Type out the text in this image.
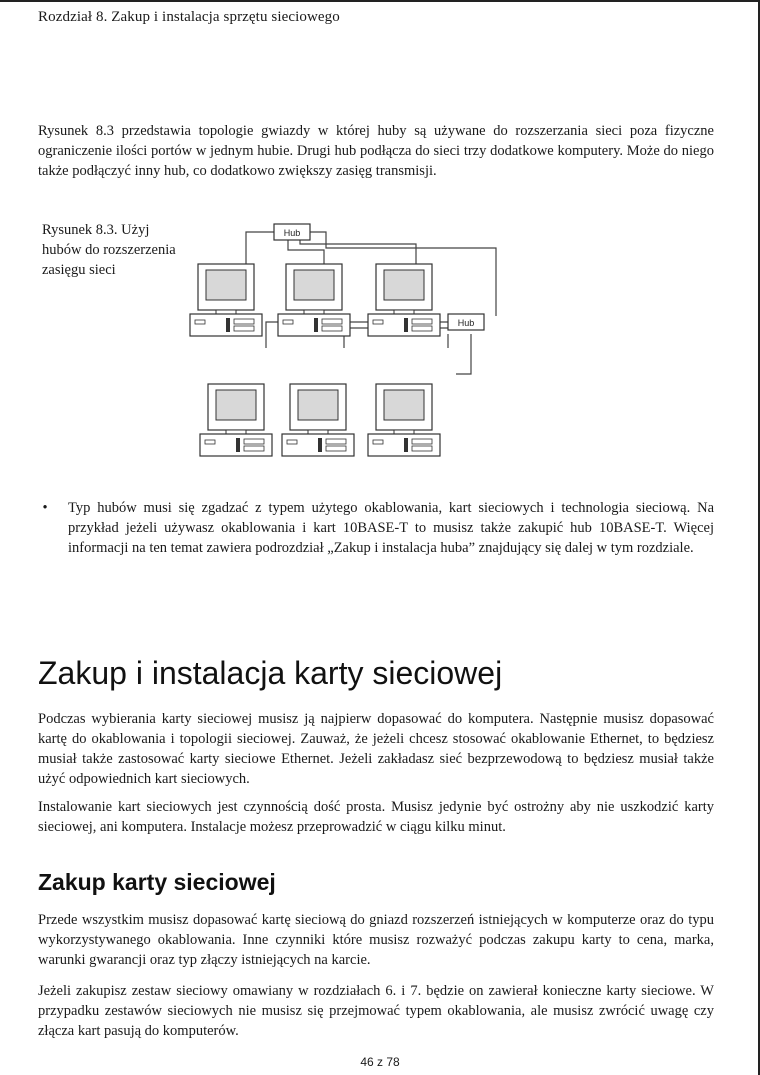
Rozdział 8. Zakup i instalacja sprzętu sieciowego

Rysunek 8.3 przedstawia topologie gwiazdy w której huby są używane do rozszerzania sieci poza fizyczne ograniczenie ilości portów w jednym hubie. Drugi hub podłącza do sieci trzy dodatkowe komputery. Może do niego także podłączyć inny hub, co dodatkowo zwiększy zasięg transmisji.

Rysunek 8.3. Użyj hubów do rozszerzenia zasięgu sieci
Hub
Hub
•	Typ hubów musi się zgadzać z typem użytego okablowania, kart sieciowych i technologia sieciową. Na przykład jeżeli używasz okablowania i kart 10BASE-T to musisz także zakupić hub 10BASE-T. Więcej informacji na ten temat zawiera podrozdział „Zakup i instalacja huba” znajdujący się dalej w tym rozdziale.
Zakup i instalacja karty sieciowej

Podczas wybierania karty sieciowej musisz ją najpierw dopasować do komputera. Następnie musisz dopasować kartę do okablowania i topologii sieciowej. Zauważ, że jeżeli chcesz stosować okablowanie Ethernet, to będziesz musiał także zastosować karty sieciowe Ethernet. Jeżeli zakładasz sieć bezprzewodową to będziesz musiał także użyć odpowiednich kart sieciowych.

Instalowanie kart sieciowych jest czynnością dość prosta. Musisz jedynie być ostrożny aby nie uszkodzić karty sieciowej, ani komputera. Instalacje możesz przeprowadzić w ciągu kilku minut.

Zakup karty sieciowej

Przede wszystkim musisz dopasować kartę sieciową do gniazd rozszerzeń istniejących w komputerze oraz do typu wykorzystywanego okablowania. Inne czynniki które musisz rozważyć podczas zakupu karty to cena, marka, warunki gwarancji oraz typ złączy istniejących na karcie.

Jeżeli zakupisz zestaw sieciowy omawiany w rozdziałach 6. i 7. będzie on zawierał konieczne karty sieciowe. W przypadku zestawów sieciowych nie musisz się przejmować typem okablowania, ale musisz zwrócić uwagę czy złącza kart pasują do komputerów.

46 z 78
